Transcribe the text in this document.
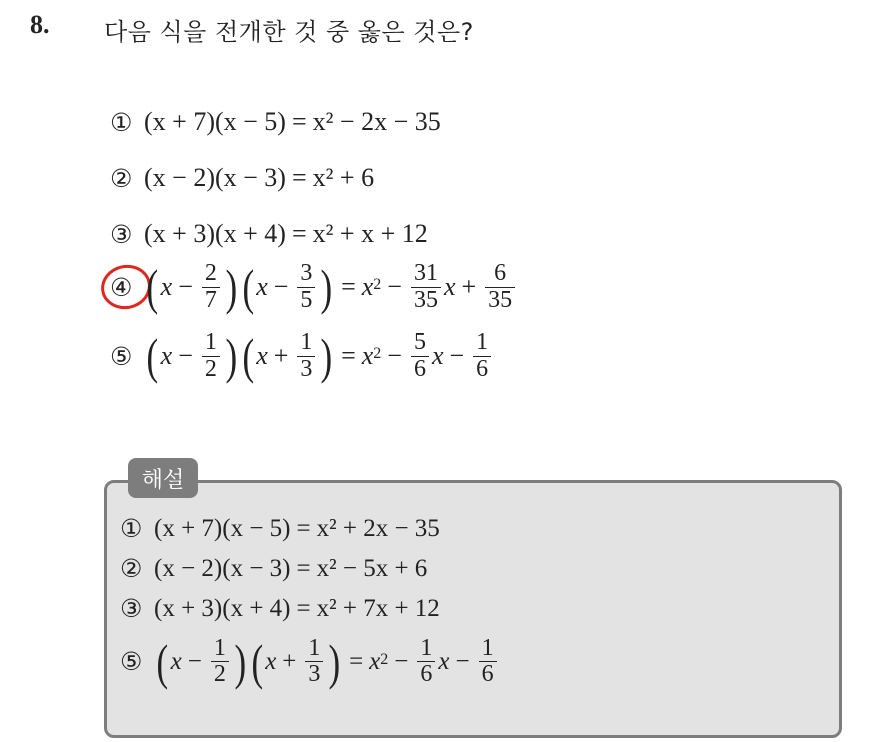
8. 다음 식을 전개한 것 중 옳은 것은?
① (x + 7) (x − 5) = x² − 2x − 35
② (x − 2) (x − 3) = x² + 6
③ (x + 3) (x + 4) = x² + x + 12
④ ( $x - \frac{2}{7}$ ) ( $x - \frac{3}{5}$ ) = $x^2 - \frac{31}{35}$ $x + \frac{6}{35}$
⑤ ( $x - \frac{1}{2}$ ) ( $x + \frac{1}{3}$ ) = $x^2 - \frac{5}{6}$ $x - \frac{1}{6}$
해설
① (x + 7)(x − 5) = x² + 2x − 35
② (x − 2)(x − 3) = x² − 5x + 6
③ (x + 3)(x + 4) = x² + 7x + 12
⑤ ( $x - \frac{1}{2}$ ) ( $x + \frac{1}{3}$ ) = $x^2 - \frac{1}{6}$ $x - \frac{1}{6}$
